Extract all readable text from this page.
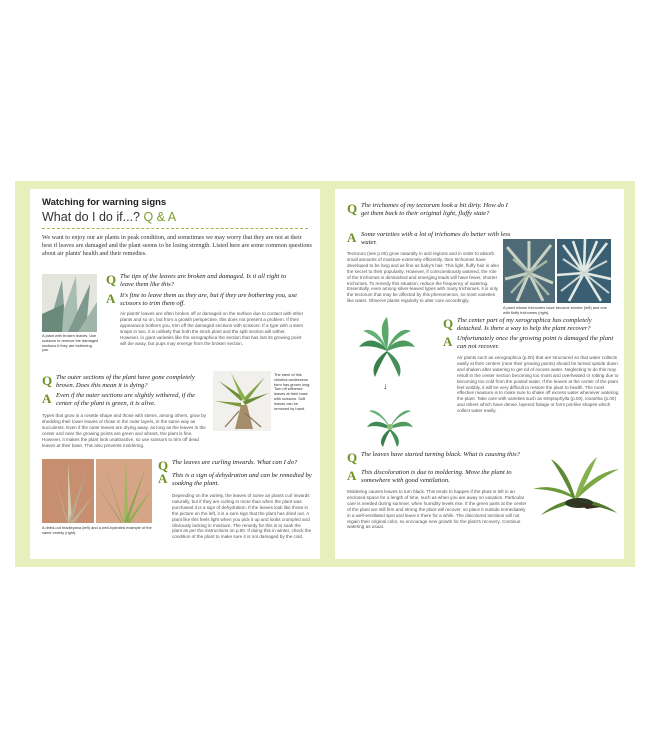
Watching for warning signs
What do I do if...? Q & A
We want to enjoy our air plants in peak condition, and sometimes we may worry that they are not at their best if leaves are damaged and the plant seems to be losing strength. Listed here are some common questions about air plants' health and their remedies.
A plant with broken leaves. Use scissors to remove the damaged sections if they are bothering you.
Q The tips of the leaves are broken and damaged. Is it all right to leave them like this?
A It's fine to leave them as they are, but if they are bothering you, use scissors to trim them off.
Air plants' leaves are often broken off or damaged on the surface due to contact with other plants and so on, but from a growth perspective, this does not present a problem. If their appearance bothers you, trim off the damaged sections with scissors. If a type with a stem snaps in two, it is unlikely that both the stock plant and the split section will wither. However, in giant varieties like the xerographica the section that has lost its growing point will die away, but pups may emerge from the broken section.
Q The outer sections of the plant have gone completely brown. Does this mean it is dying?
A Even if the outer sections are slightly withered, if the center of the plant is green, it is alive.
Types that grow in a rosette shape and those with stems, among others, grow by shedding their lower leaves or those in the outer layers, in the same way as succulents. Even if the outer leaves are drying away, as long as the leaves in the center and near the growing points are green and vibrant, the plant is fine. However, it makes the plant look unattractive, so use scissors to trim off dead leaves at their base. This also prevents moldering.
The stem of this velutina caulescens form has grown long. Tom off withered leaves at their base with scissors. Soft leaves can be removed by hand.
A dried-out bradleyana (left) and a well-hydrated example of the same variety (right).
Q The leaves are curling inwards. What can I do?
A This is a sign of dehydration and can be remedied by soaking the plant.
Depending on the variety, the leaves of some air plants curl inwards naturally, but if they are curling in more than when the plant was purchased it is a sign of dehydration. If the leaves look like those in the picture on the left, it is a sure sign that the plant has dried out. A plant like this feels light when you pick it up and looks crumpled and obviously lacking in moisture. The remedy for this is to soak the plant as per the instructions on p.80. If doing this in winter, check the condition of the plant to make sure it is not damaged by the cold.
Q The trichomes of my tectorum look a bit dirty. How do I get them back to their original light, fluffy state?
A Some varieties with a lot of trichomes do better with less water.
Tectorum (see p.00) grow naturally in arid regions and in order to absorb small amounts of moisture extremely efficiently, their trichomes have developed to be long and as fine as baby's hair. This light, fluffy hair is also the secret to their popularity. However, if conscientiously watered, the role of the trichomes is diminished and emerging leads will have fewer, shorter trichomes. To remedy this situation, reduce the frequency of watering. Essentially, even among silver-leaved types with many trichomes, it is only the tectorum that may be affected by this phenomenon, so most varieties like water. Observe plants regularly to alter care accordingly.
A plant whose trichomes have become shorter (left) and one with fluffy trichomes (right).
↓
Q The center part of my xerographica has completely detached. Is there a way to help the plant recover?
A Unfortunately once the growing point is damaged the plant can not recover.
Air plants such as xerographica (p.00) that are structured so that water collects easily at their centers (near their growing points) should be turned upside down and shaken after watering to get rid of excess water. Neglecting to do this may result in the center section becoming too moist and overheated or rotting due to becoming too cold from the pooled water. If the leaves at the center of the plant feel wobbly, it will be very difficult to restore the plant to health. The most effective measure is to make sure to shake off excess water whenever watering the plant. Take care with varieties such as streptophylla (p.00), ionantha (p.00) and others which have dense, layered foliage or form pot-like shapes which collect water easily.
Q The leaves have started turning black. What is causing this?
A This discoloration is due to moldering. Move the plant to somewhere with good ventilation.
Moldering causes leaves to turn black. This tends to happen if the plant is left in an enclosed space for a length of time, such as when you are away on vacation. Particular care is needed during summer, when humidity levels rise. If the green parts at the center of the plant are still firm and strong the plant will recover, so place it outside immediately in a well-ventilated spot and leave it there for a while. The discolored sections will not regain their original color, so encourage new growth for the plant's recovery. Continue watering as usual.
